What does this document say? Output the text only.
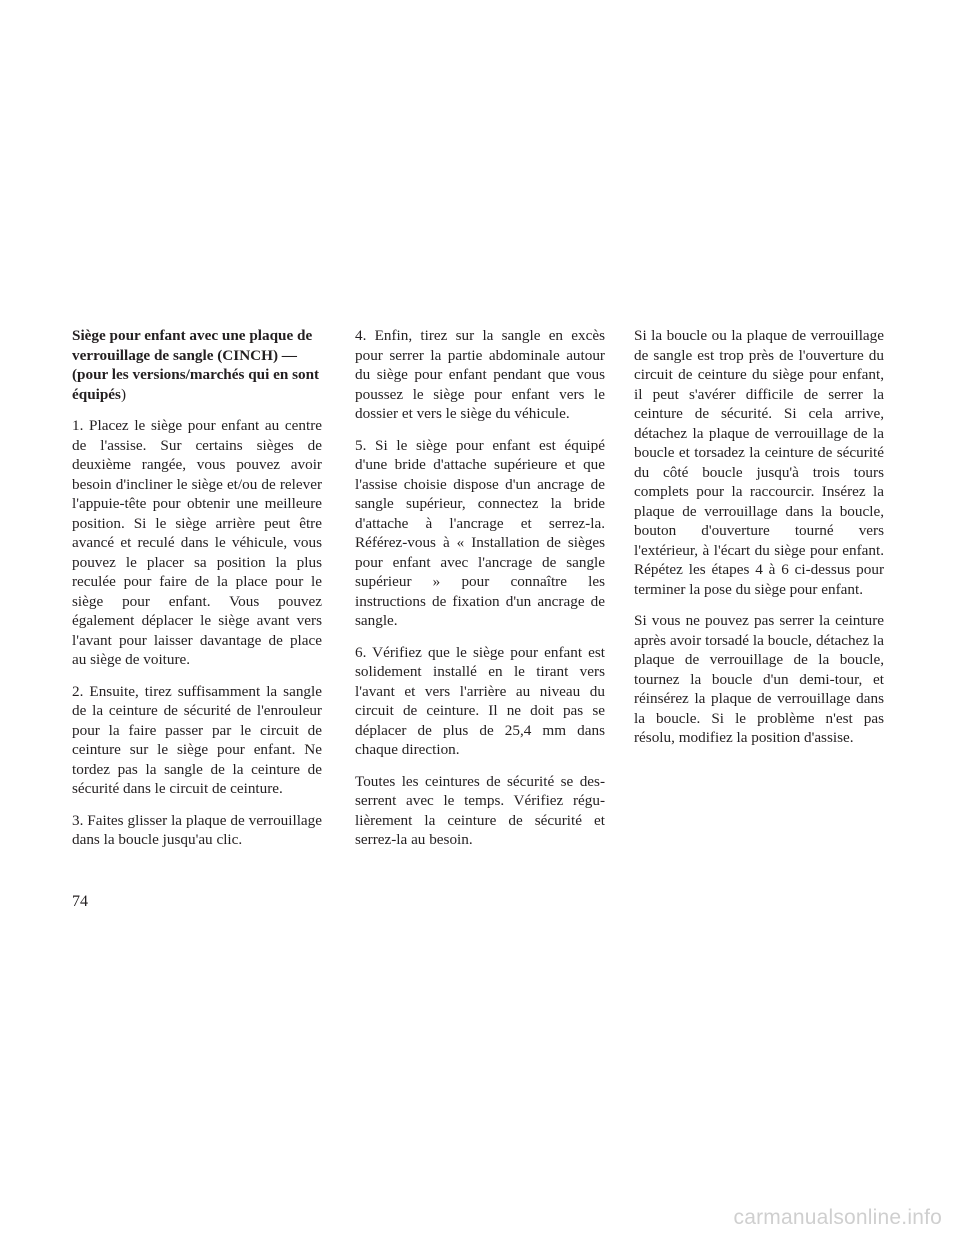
Siège pour enfant avec une plaque de verrouillage de sangle (CINCH) — (pour les versions/marchés qui en sont équipés)

1. Placez le siège pour enfant au centre de l'assise. Sur certains sièges de deuxième rangée, vous pouvez avoir besoin d'incliner le siège et/ou de relever l'appuie-tête pour obtenir une meilleure position. Si le siège arrière peut être avancé et reculé dans le véhicule, vous pouvez le placer sa position la plus reculée pour faire de la place pour le siège pour enfant. Vous pouvez également déplacer le siège avant vers l'avant pour laisser davantage de place au siège de voiture.

2. Ensuite, tirez suffisamment la sangle de la ceinture de sécurité de l'enrouleur pour la faire passer par le circuit de ceinture sur le siège pour enfant. Ne tordez pas la sangle de la ceinture de sécurité dans le circuit de ceinture.

3. Faites glisser la plaque de verrouillage dans la boucle jusqu'au clic.

4. Enfin, tirez sur la sangle en excès pour serrer la partie abdominale autour du siège pour enfant pendant que vous poussez le siège pour enfant vers le dossier et vers le siège du véhicule.

5. Si le siège pour enfant est équipé d'une bride d'attache supérieure et que l'assise choisie dispose d'un ancrage de sangle supérieur, connectez la bride d'attache à l'ancrage et serrez-la. Référez-vous à « Installation de sièges pour enfant avec l'ancrage de sangle supérieur » pour connaître les instructions de fixation d'un ancrage de sangle.

6. Vérifiez que le siège pour enfant est solidement installé en le tirant vers l'avant et vers l'arrière au niveau du circuit de ceinture. Il ne doit pas se déplacer de plus de 25,4 mm dans chaque direction.

Toutes les ceintures de sécurité se desserrent avec le temps. Vérifiez régulièrement la ceinture de sécurité et serrez-la au besoin.

Si la boucle ou la plaque de verrouillage de sangle est trop près de l'ouverture du circuit de ceinture du siège pour enfant, il peut s'avérer difficile de serrer la ceinture de sécurité. Si cela arrive, détachez la plaque de verrouillage de la boucle et torsadez la ceinture de sécurité du côté boucle jusqu'à trois tours complets pour la raccourcir. Insérez la plaque de verrouillage dans la boucle, bouton d'ouverture tourné vers l'extérieur, à l'écart du siège pour enfant. Répétez les étapes 4 à 6 ci-dessus pour terminer la pose du siège pour enfant.

Si vous ne pouvez pas serrer la ceinture après avoir torsadé la boucle, détachez la plaque de verrouillage de la boucle, tournez la boucle d'un demi-tour, et réinsérez la plaque de verrouillage dans la boucle. Si le problème n'est pas résolu, modifiez la position d'assise.

74
carmanualsonline.info
